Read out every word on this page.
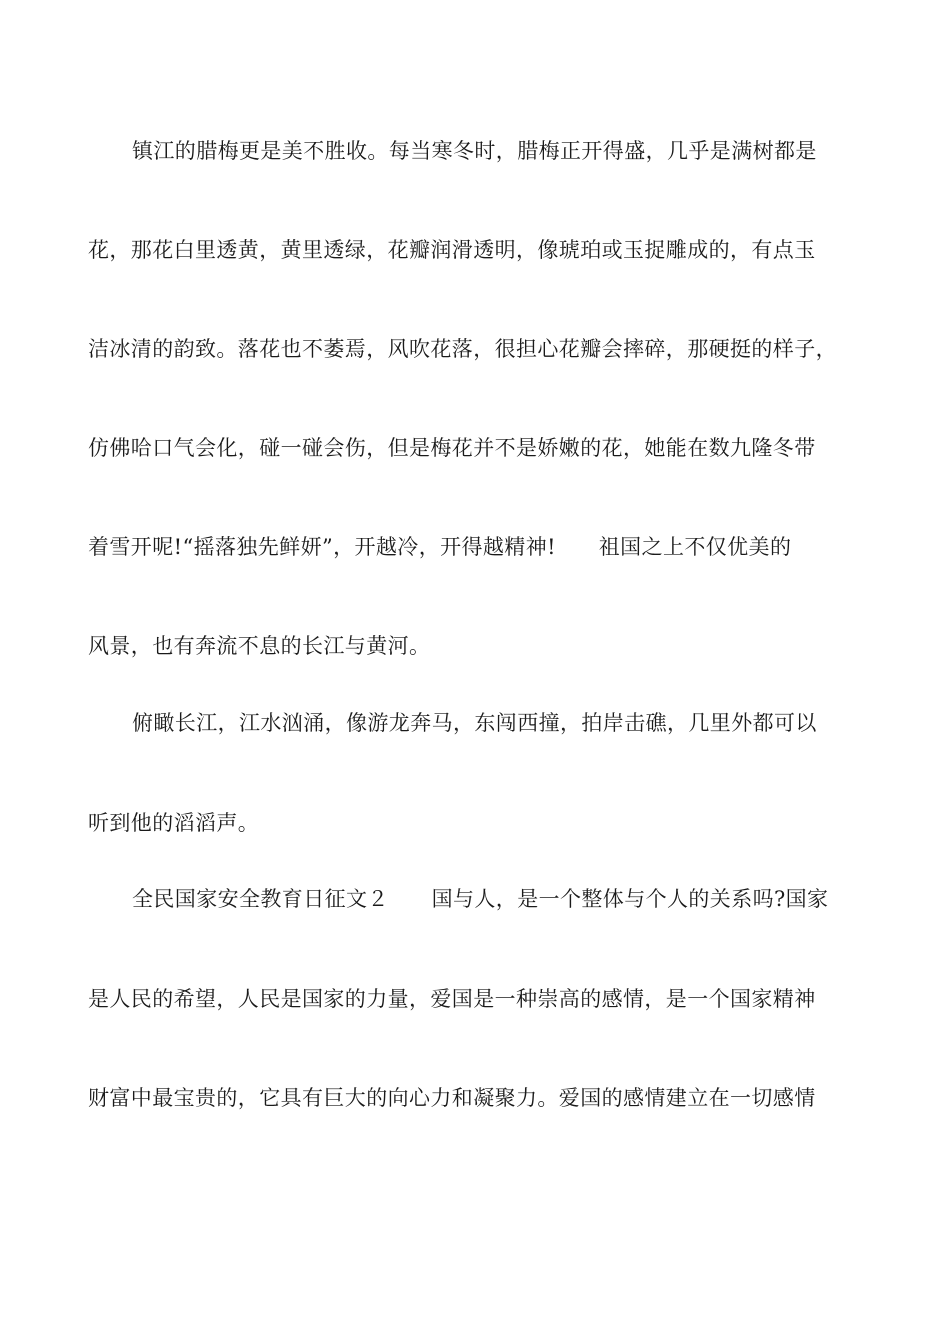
镇江的腊梅更是美不胜收。每当寒冬时，腊梅正开得盛，几乎是满树都是

花，那花白里透黄，黄里透绿，花瓣润滑透明，像琥珀或玉捉雕成的，有点玉

洁冰清的韵致。落花也不萎焉，风吹花落，很担心花瓣会摔碎，那硬挺的样子，

仿佛哈口气会化，碰一碰会伤，但是梅花并不是娇嫩的花，她能在数九隆冬带

着雪开呢!“摇落独先鲜妍”，开越冷，开得越精神!　　祖国之上不仅优美的

风景，也有奔流不息的长江与黄河。

俯瞰长江，江水汹涌，像游龙奔马，东闯西撞，拍岸击礁，几里外都可以

听到他的滔滔声。

全民国家安全教育日征文２　　国与人，是一个整体与个人的关系吗?国家

是人民的希望，人民是国家的力量，爱国是一种崇高的感情，是一个国家精神

财富中最宝贵的，它具有巨大的向心力和凝聚力。爱国的感情建立在一切感情
